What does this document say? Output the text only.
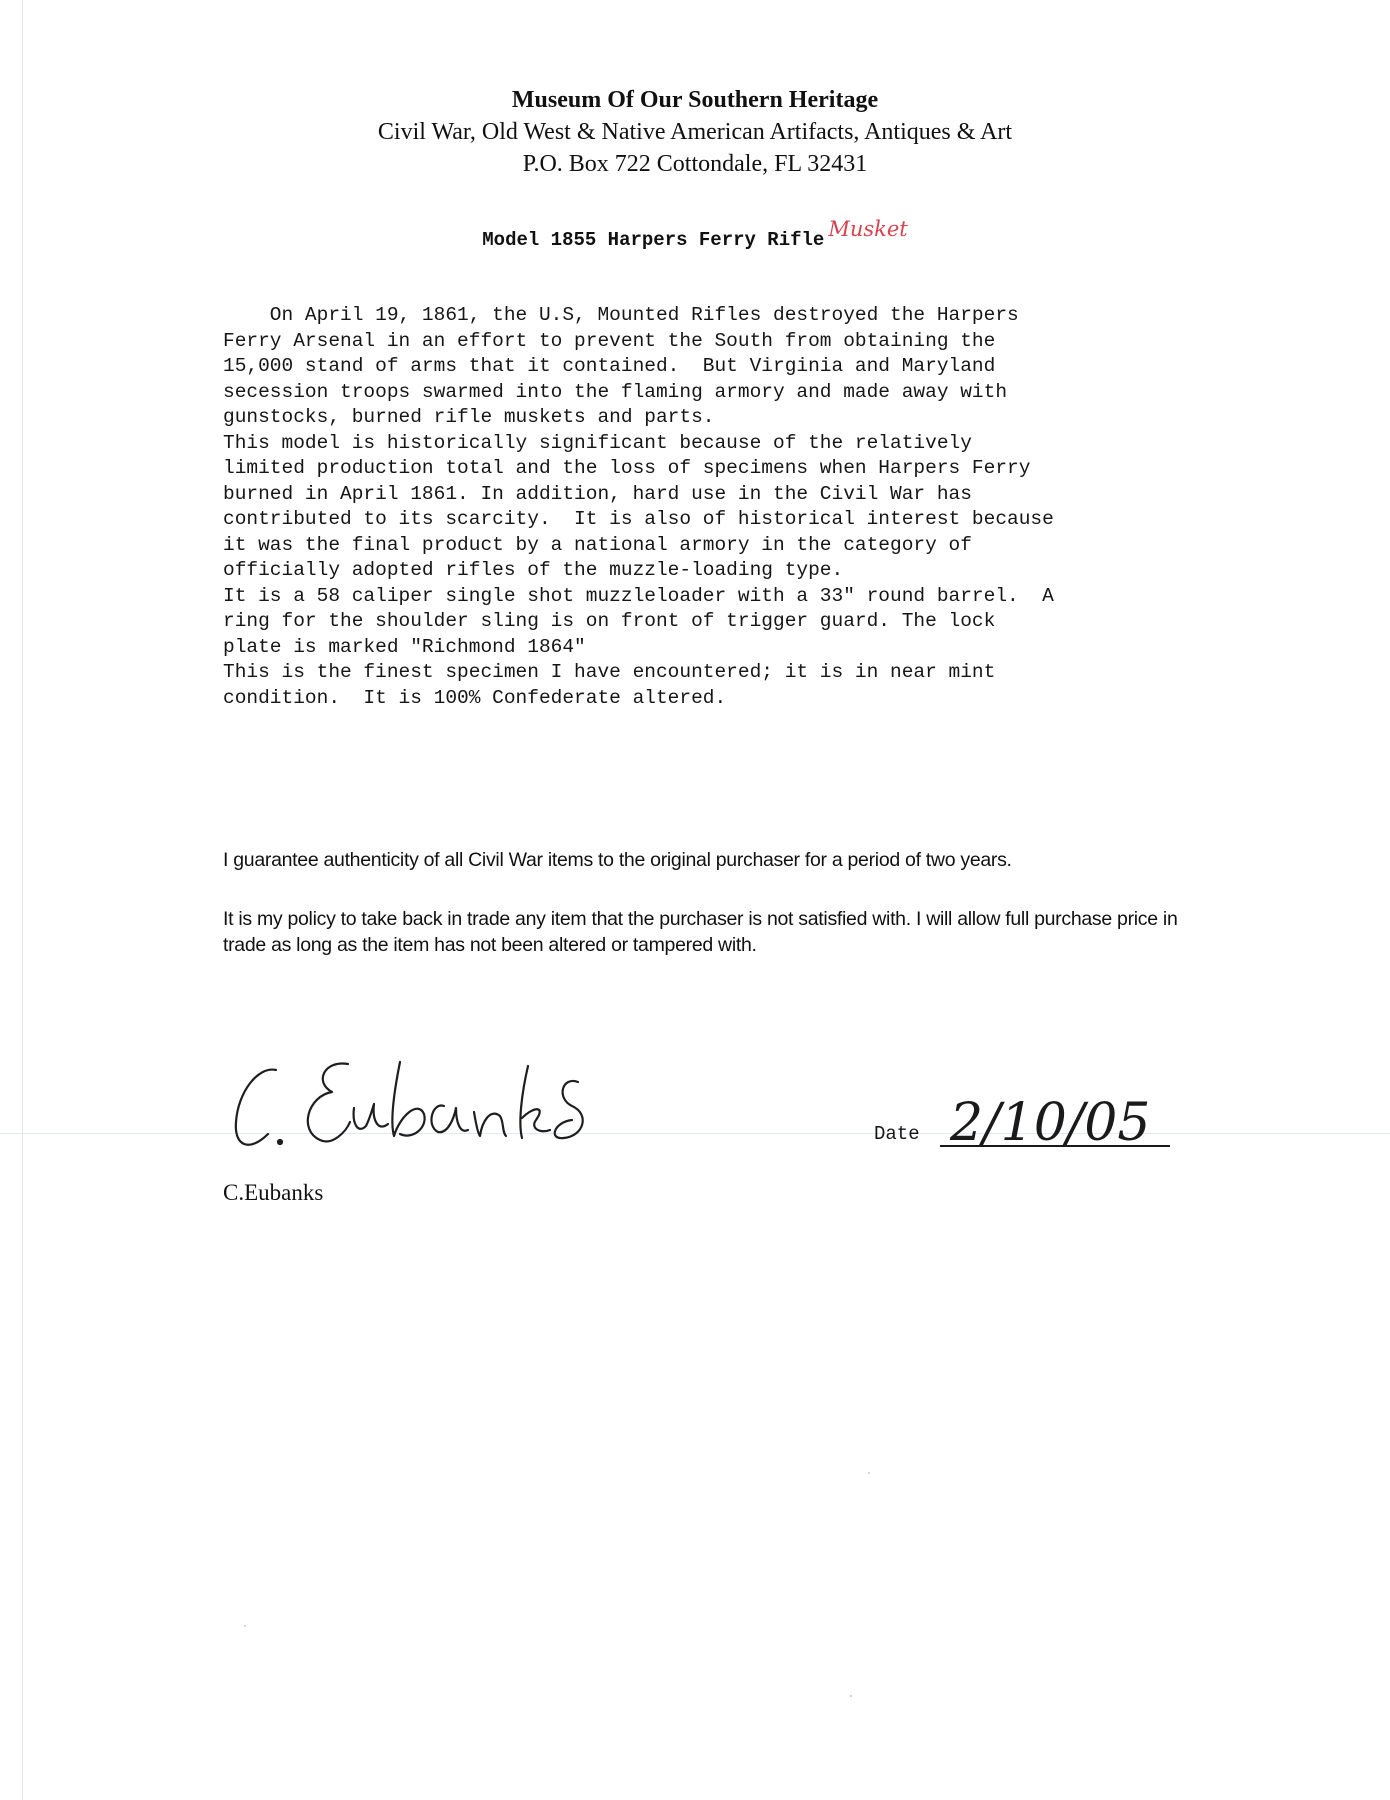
Museum Of Our Southern Heritage
Civil War, Old West & Native American Artifacts, Antiques & Art
P.O. Box 722 Cottondale, FL 32431
Model 1855 Harpers Ferry Rifle Musket
On April 19, 1861, the U.S, Mounted Rifles destroyed the Harpers
Ferry Arsenal in an effort to prevent the South from obtaining the
15,000 stand of arms that it contained.  But Virginia and Maryland
secession troops swarmed into the flaming armory and made away with
gunstocks, burned rifle muskets and parts.
This model is historically significant because of the relatively
limited production total and the loss of specimens when Harpers Ferry
burned in April 1861. In addition, hard use in the Civil War has
contributed to its scarcity.  It is also of historical interest because
it was the final product by a national armory in the category of
officially adopted rifles of the muzzle-loading type.
It is a 58 caliper single shot muzzleloader with a 33" round barrel.  A
ring for the shoulder sling is on front of trigger guard. The lock
plate is marked "Richmond 1864"
This is the finest specimen I have encountered; it is in near mint
condition.  It is 100% Confederate altered.
I guarantee authenticity of all Civil War items to the original purchaser for a period of two years.
It is my policy to take back in trade any item that the purchaser is not satisfied with. I will allow full purchase price in trade as long as the item has not been altered or tampered with.
C.Eubanks
Date 2/10/05
